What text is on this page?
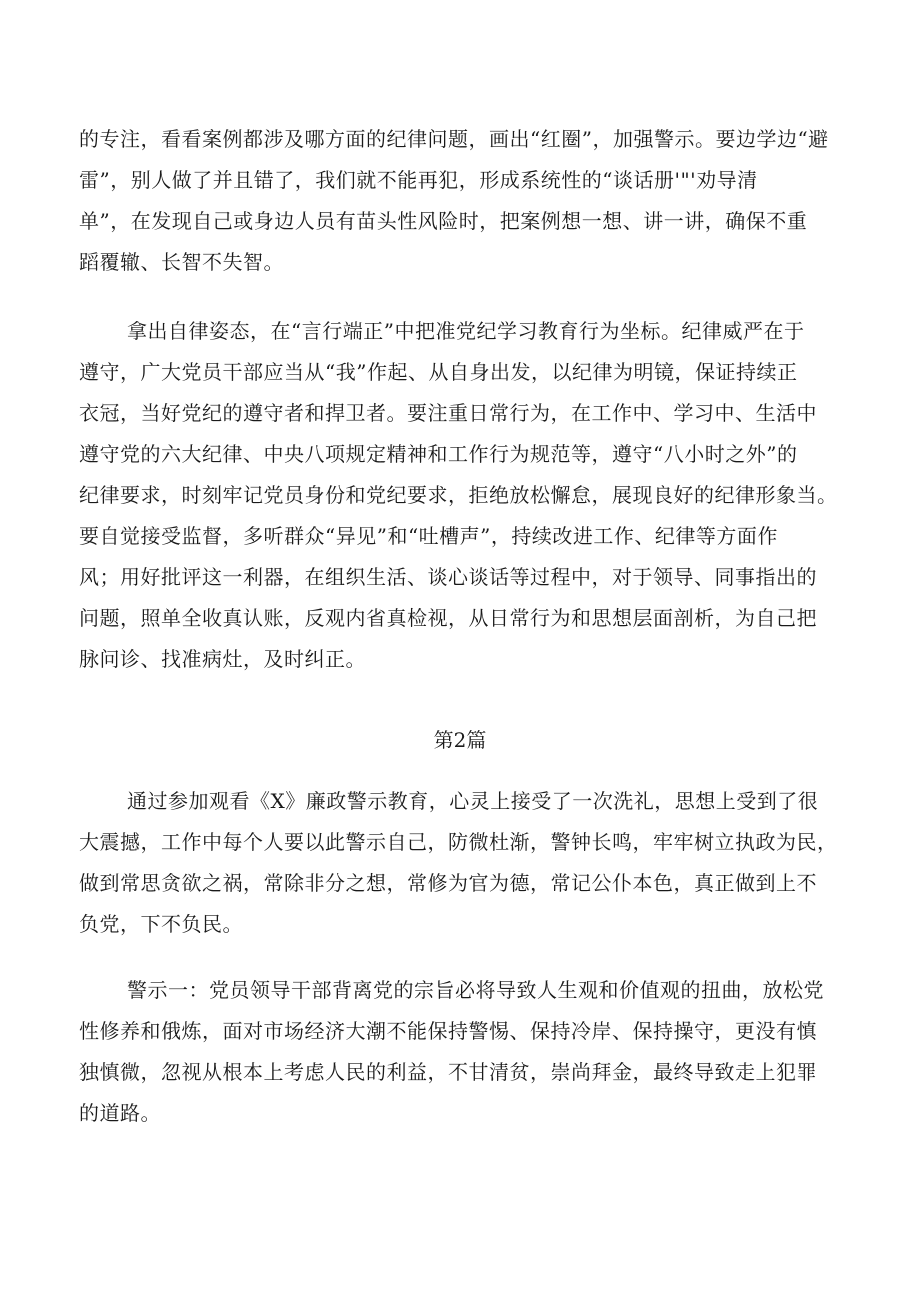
的专注，看看案例都涉及哪方面的纪律问题，画出“红圈”，加强警示。要边学边“避
雷”，别人做了并且错了，我们就不能再犯，形成系统性的“谈话册'"'劝导清
单”，在发现自己或身边人员有苗头性风险时，把案例想一想、讲一讲，确保不重
蹈覆辙、长智不失智。
拿出自律姿态，在“言行端正”中把准党纪学习教育行为坐标。纪律威严在于
遵守，广大党员干部应当从“我”作起、从自身出发，以纪律为明镜，保证持续正
衣冠，当好党纪的遵守者和捍卫者。要注重日常行为，在工作中、学习中、生活中
遵守党的六大纪律、中央八项规定精神和工作行为规范等，遵守“八小时之外”的
纪律要求，时刻牢记党员身份和党纪要求，拒绝放松懈怠，展现良好的纪律形象当。
要自觉接受监督，多听群众“异见”和“吐槽声”，持续改进工作、纪律等方面作
风；用好批评这一利器，在组织生活、谈心谈话等过程中，对于领导、同事指出的
问题，照单全收真认账，反观内省真检视，从日常行为和思想层面剖析，为自己把
脉问诊、找准病灶，及时纠正。
第2篇
通过参加观看《X》廉政警示教育，心灵上接受了一次洗礼，思想上受到了很
大震撼，工作中每个人要以此警示自己，防微杜渐，警钟长鸣，牢牢树立执政为民，
做到常思贪欲之祸，常除非分之想，常修为官为德，常记公仆本色，真正做到上不
负党，下不负民。
警示一：党员领导干部背离党的宗旨必将导致人生观和价值观的扭曲，放松党
性修养和俄炼，面对市场经济大潮不能保持警惕、保持冷岸、保持操守，更没有慎
独慎微，忽视从根本上考虑人民的利益，不甘清贫，崇尚拜金，最终导致走上犯罪
的道路。
